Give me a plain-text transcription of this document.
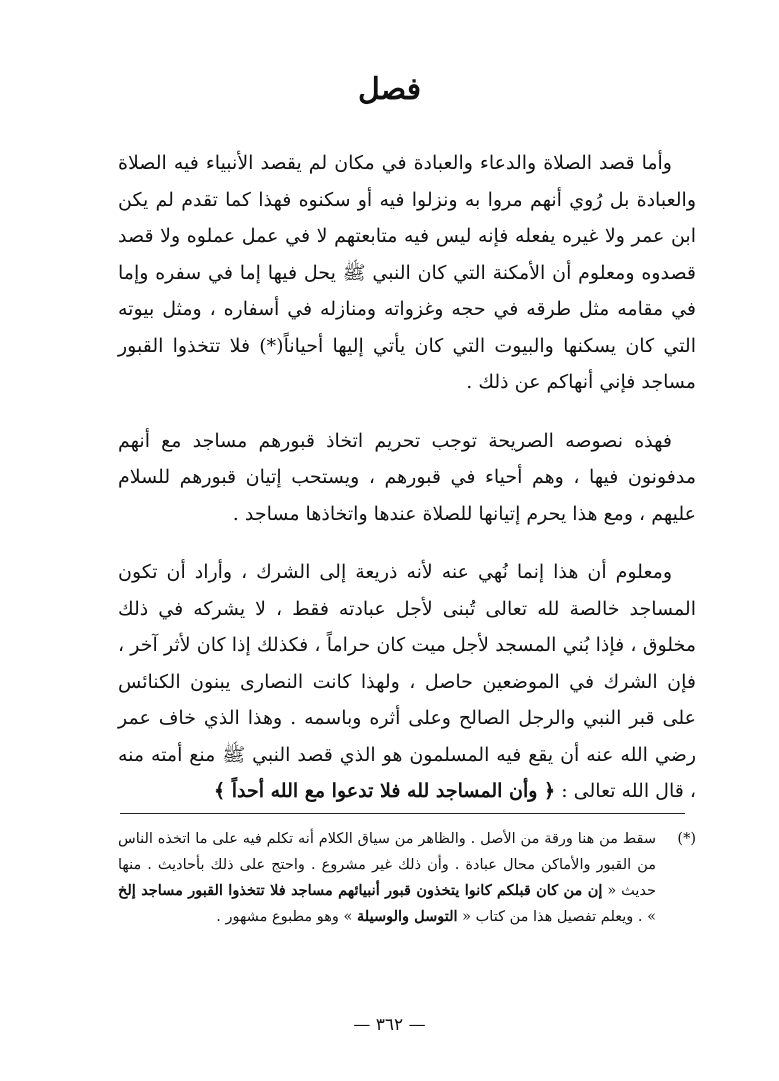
فصل

وأما قصد الصلاة والدعاء والعبادة في مكان لم يقصد الأنبياء فيه الصلاة والعبادة بل رُوي أنهم مروا به ونزلوا فيه أو سكنوه فهذا كما تقدم لم يكن ابن عمر ولا غيره يفعله فإنه ليس فيه متابعتهم لا في عمل عملوه ولا قصد قصدوه ومعلوم أن الأمكنة التي كان النبي ﷺ يحل فيها إما في سفره وإما في مقامه مثل طرقه في حجه وغزواته ومنازله في أسفاره ، ومثل بيوته التي كان يسكنها والبيوت التي كان يأتي إليها أحياناً(*) فلا تتخذوا القبور مساجد فإني أنهاكم عن ذلك .

فهذه نصوصه الصريحة توجب تحريم اتخاذ قبورهم مساجد مع أنهم مدفونون فيها ، وهم أحياء في قبورهم ، ويستحب إتيان قبورهم للسلام عليهم ، ومع هذا يحرم إتيانها للصلاة عندها واتخاذها مساجد .

ومعلوم أن هذا إنما نُهي عنه لأنه ذريعة إلى الشرك ، وأراد أن تكون المساجد خالصة لله تعالى تُبنى لأجل عبادته فقط ، لا يشركه في ذلك مخلوق ، فإذا بُني المسجد لأجل ميت كان حراماً ، فكذلك إذا كان لأثر آخر ، فإن الشرك في الموضعين حاصل ، ولهذا كانت النصارى يبنون الكنائس على قبر النبي والرجل الصالح وعلى أثره وباسمه . وهذا الذي خاف عمر رضي الله عنه أن يقع فيه المسلمون هو الذي قصد النبي ﷺ منع أمته منه ، قال الله تعالى : ﴿ وأن المساجد لله فلا تدعوا مع الله أحداً ﴾

(*)
سقط من هنا ورقة من الأصل . والظاهر من سياق الكلام أنه تكلم فيه على ما اتخذه الناس من القبور والأماكن محال عبادة . وأن ذلك غير مشروع . واحتج على ذلك بأحاديث . منها حديث « إن من كان قبلكم كانوا يتخذون قبور أنبيائهم مساجد فلا تتخذوا القبور مساجد إلخ » . ويعلم تفصيل هذا من كتاب « التوسل والوسيلة » وهو مطبوع مشهور .
— ٣٦٢ —
